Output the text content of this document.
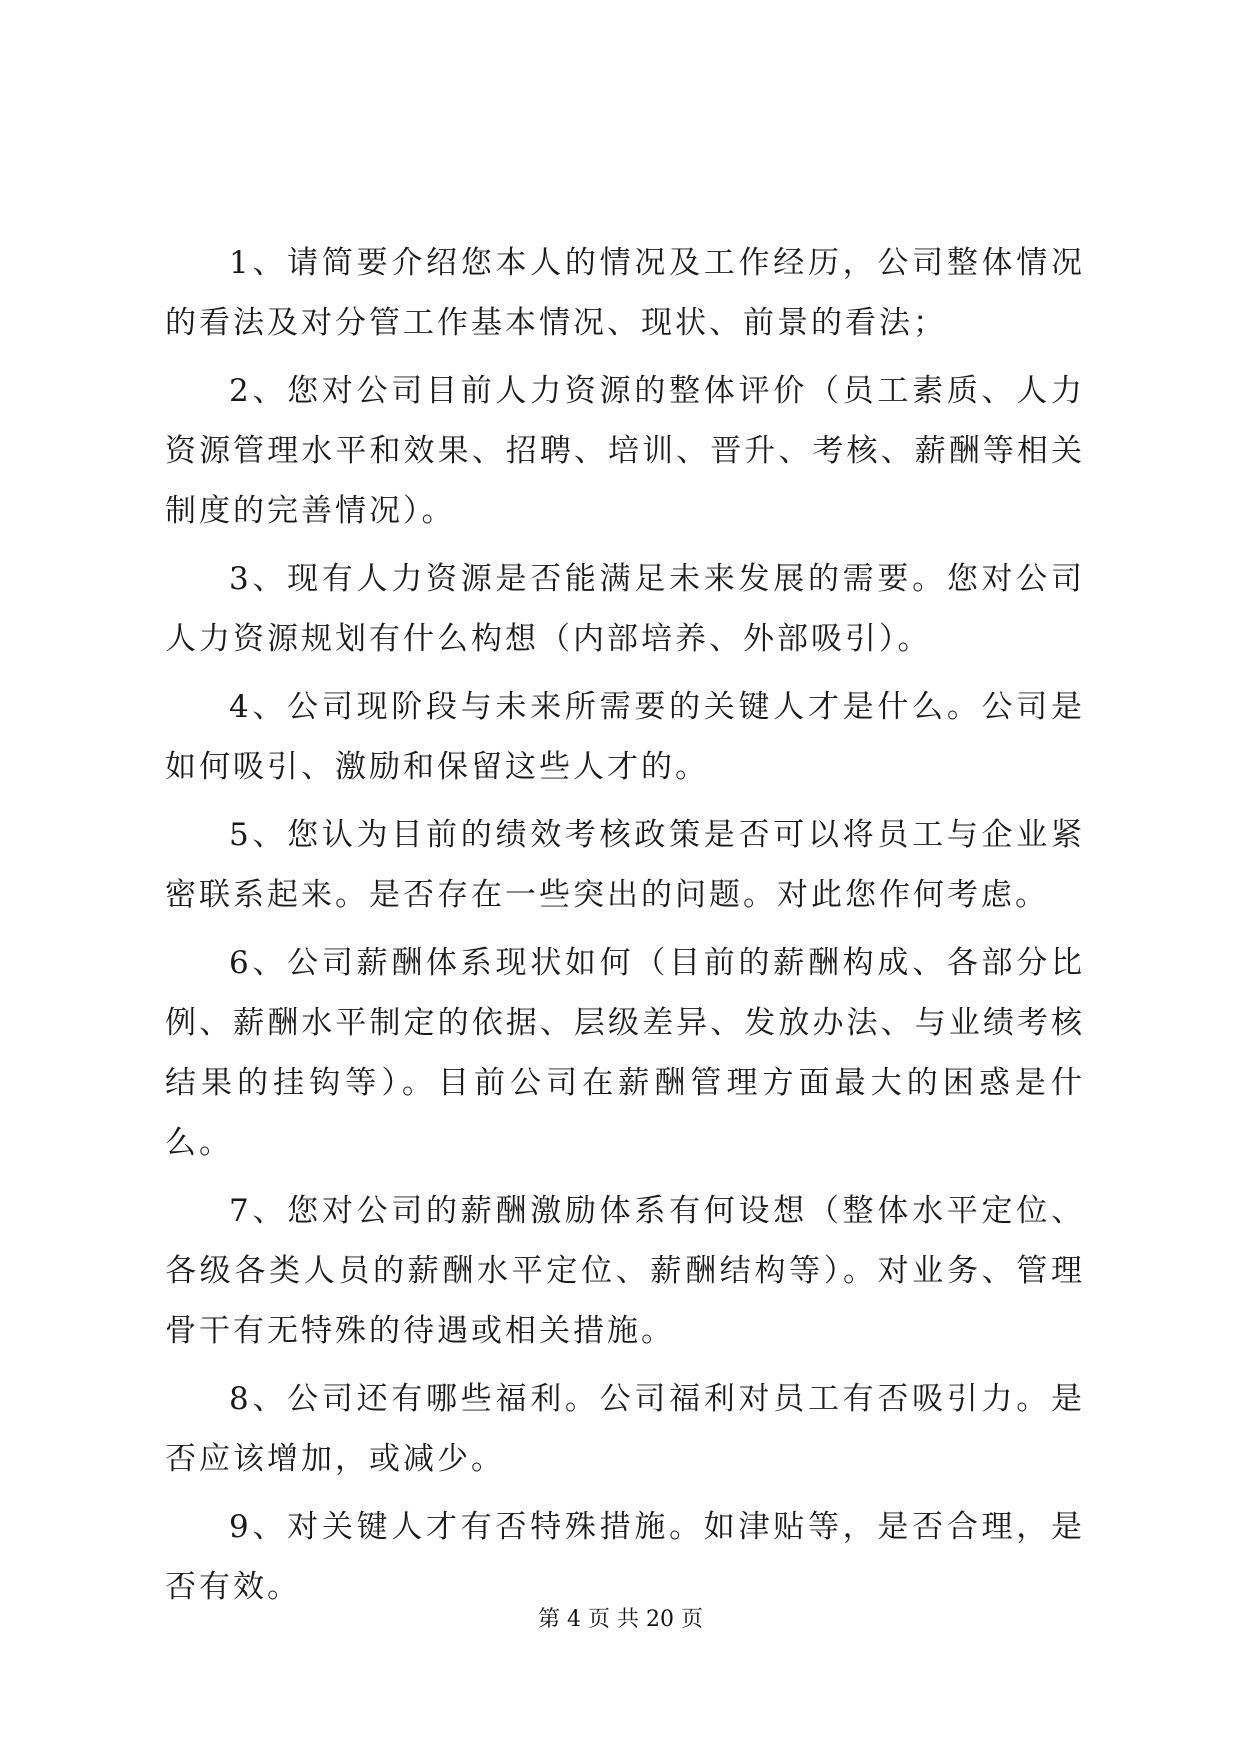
1、请简要介绍您本人的情况及工作经历，公司整体情况的看法及对分管工作基本情况、现状、前景的看法；

2、您对公司目前人力资源的整体评价（员工素质、人力资源管理水平和效果、招聘、培训、晋升、考核、薪酬等相关制度的完善情况）。

3、现有人力资源是否能满足未来发展的需要。您对公司人力资源规划有什么构想（内部培养、外部吸引）。

4、公司现阶段与未来所需要的关键人才是什么。公司是如何吸引、激励和保留这些人才的。

5、您认为目前的绩效考核政策是否可以将员工与企业紧密联系起来。是否存在一些突出的问题。对此您作何考虑。

6、公司薪酬体系现状如何（目前的薪酬构成、各部分比例、薪酬水平制定的依据、层级差异、发放办法、与业绩考核结果的挂钩等）。目前公司在薪酬管理方面最大的困惑是什么。

7、您对公司的薪酬激励体系有何设想（整体水平定位、各级各类人员的薪酬水平定位、薪酬结构等）。对业务、管理骨干有无特殊的待遇或相关措施。

8、公司还有哪些福利。公司福利对员工有否吸引力。是否应该增加，或减少。

9、对关键人才有否特殊措施。如津贴等，是否合理，是否有效。

第 4 页 共 20 页
